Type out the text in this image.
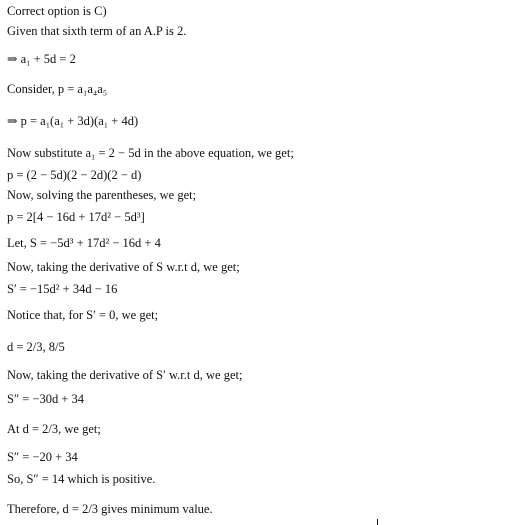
Correct option is C)
Given that sixth term of an A.P is 2.
⇒ a₁ + 5d = 2
Consider, p = a₁a₄a₅
⇒ p = a₁(a₁ + 3d)(a₁ + 4d)
Now substitute a₁ = 2 − 5d in the above equation, we get;
p = (2 − 5d)(2 − 2d)(2 − d)
Now, solving the parentheses, we get;
p = 2[4 − 16d + 17d² − 5d³]
Let, S = −5d³ + 17d² − 16d + 4
Now, taking the derivative of S w.r.t d, we get;
S′ = −15d² + 34d − 16
Notice that, for S′ = 0, we get;
d = 2/3, 8/5
Now, taking the derivative of S′ w.r.t d, we get;
S″ = −30d + 34
At d = 2/3, we get;
S″ = −20 + 34
So, S″ = 14 which is positive.
Therefore, d = 2/3 gives minimum value.
